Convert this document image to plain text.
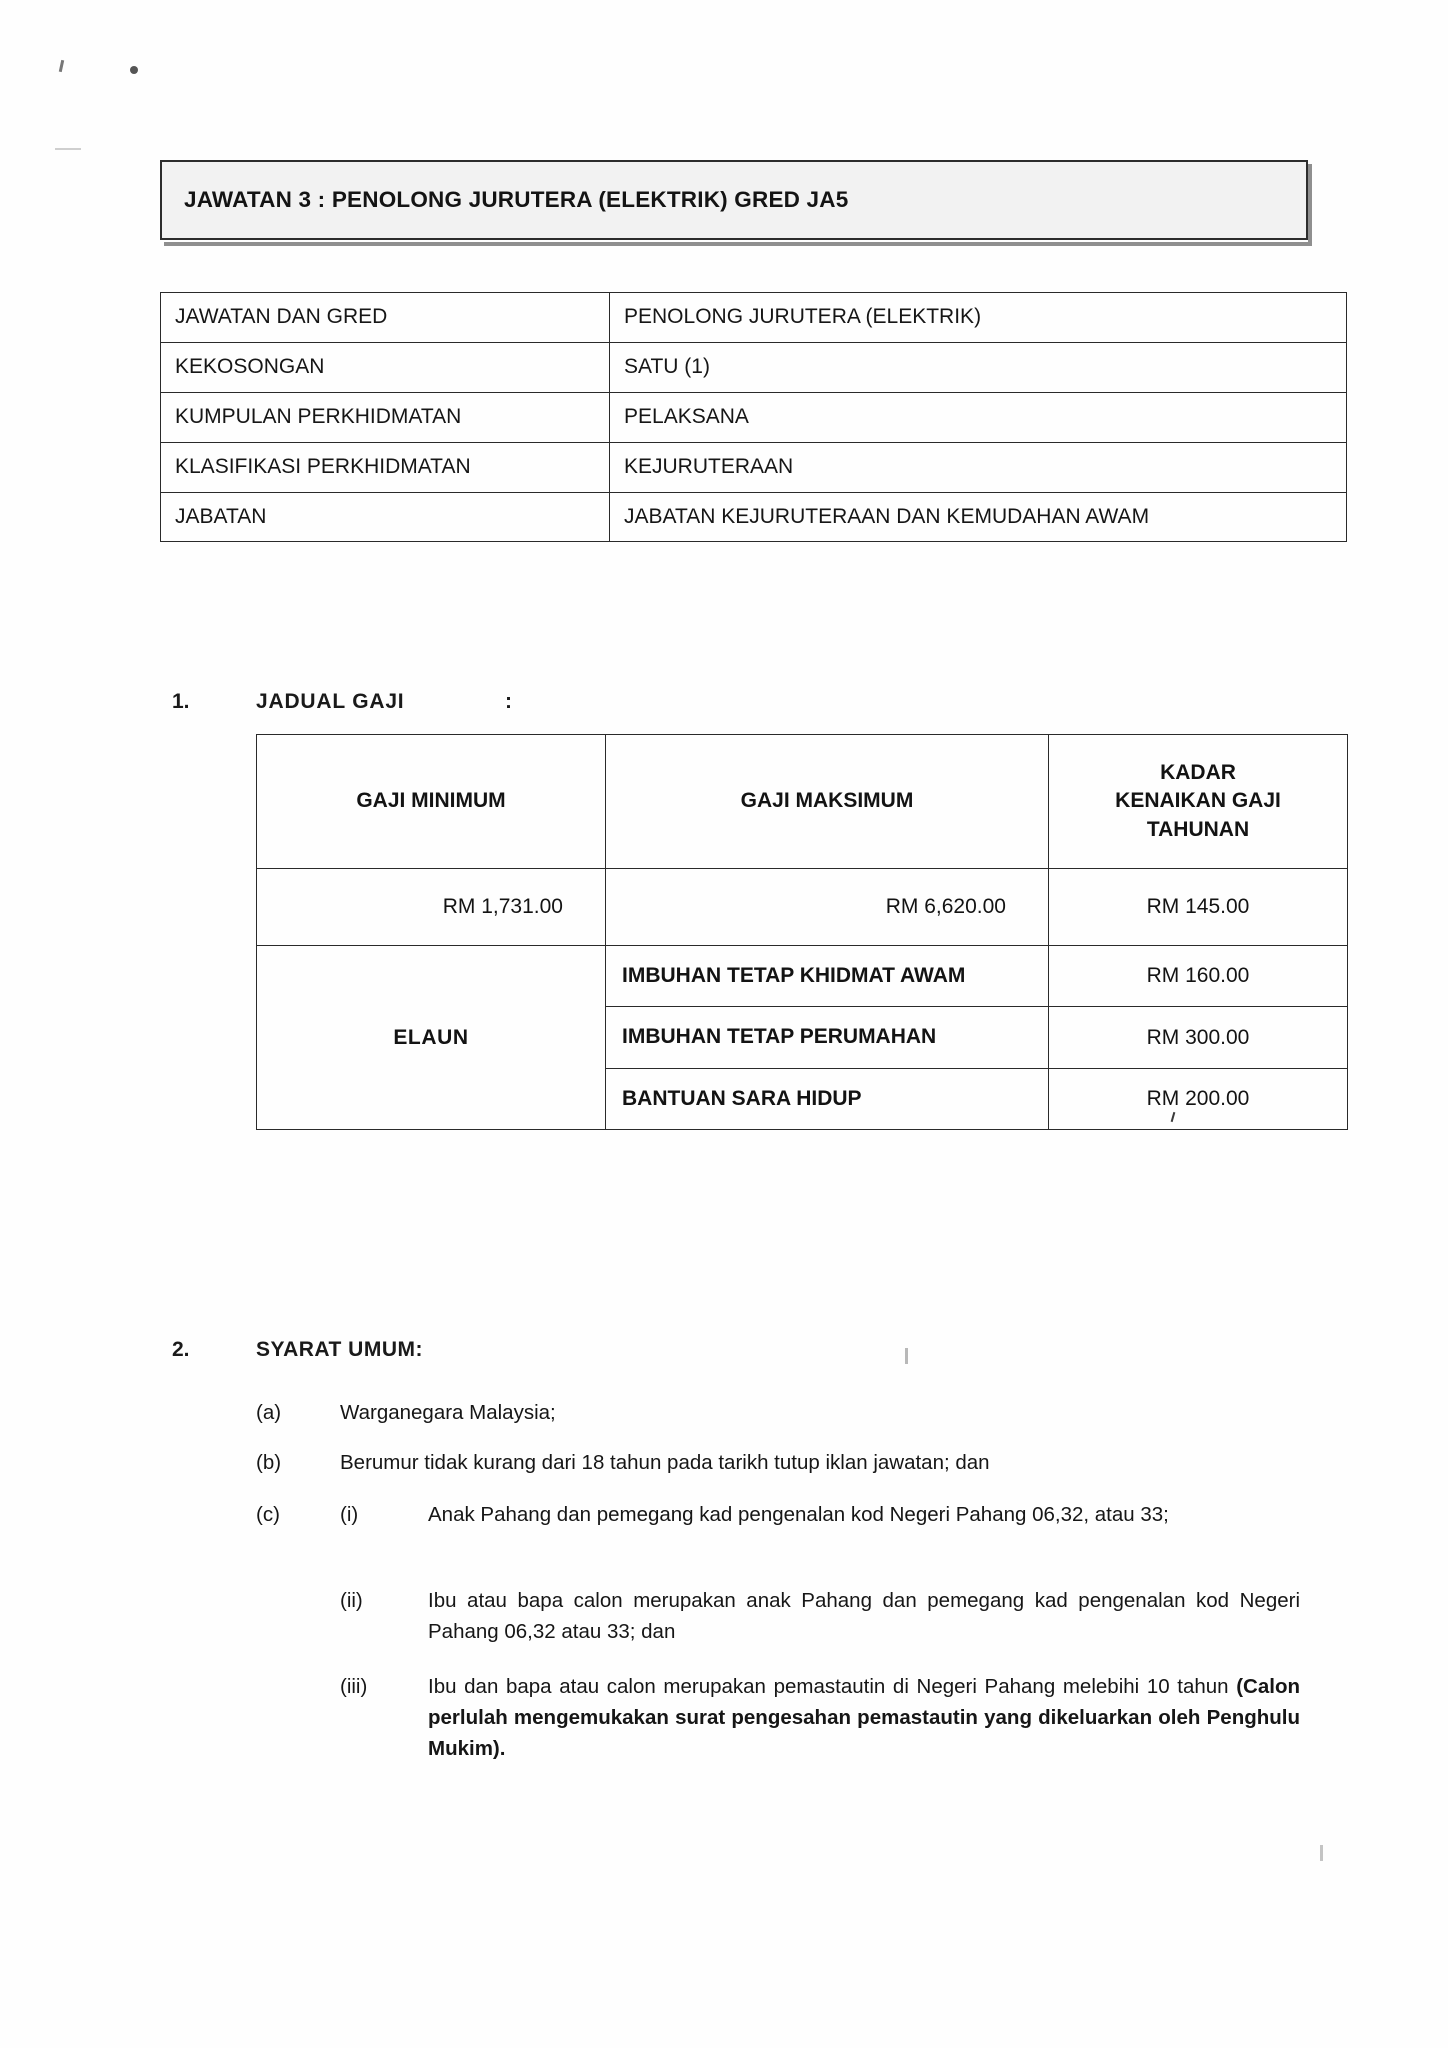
JAWATAN 3 : PENOLONG JURUTERA (ELEKTRIK) GRED JA5
JAWATAN DAN GRED	PENOLONG JURUTERA (ELEKTRIK)
KEKOSONGAN	SATU (1)
KUMPULAN PERKHIDMATAN	PELAKSANA
KLASIFIKASI PERKHIDMATAN	KEJURUTERAAN
JABATAN	JABATAN KEJURUTERAAN DAN KEMUDAHAN AWAM
1.	JADUAL GAJI	:
GAJI MINIMUM	GAJI MAKSIMUM	KADAR
KENAIKAN GAJI
TAHUNAN

RM 1,731.00	RM 6,620.00	RM 145.00
ELAUN	IMBUHAN TETAP KHIDMAT AWAM	RM 160.00
	IMBUHAN TETAP PERUMAHAN	RM 300.00
	BANTUAN SARA HIDUP	RM 200.00
2.	SYARAT UMUM:
(a)	Warganegara Malaysia;
(b)	Berumur tidak kurang dari 18 tahun pada tarikh tutup iklan jawatan; dan
(c)	(i)	Anak Pahang dan pemegang kad pengenalan kod Negeri Pahang 06,32, atau 33;
(ii)	Ibu atau bapa calon merupakan anak Pahang dan pemegang kad pengenalan kod Negeri Pahang 06,32 atau 33; dan
(iii)	Ibu dan bapa atau calon merupakan pemastautin di Negeri Pahang melebihi 10 tahun (Calon perlulah mengemukakan surat pengesahan pemastautin yang dikeluarkan oleh Penghulu Mukim).
